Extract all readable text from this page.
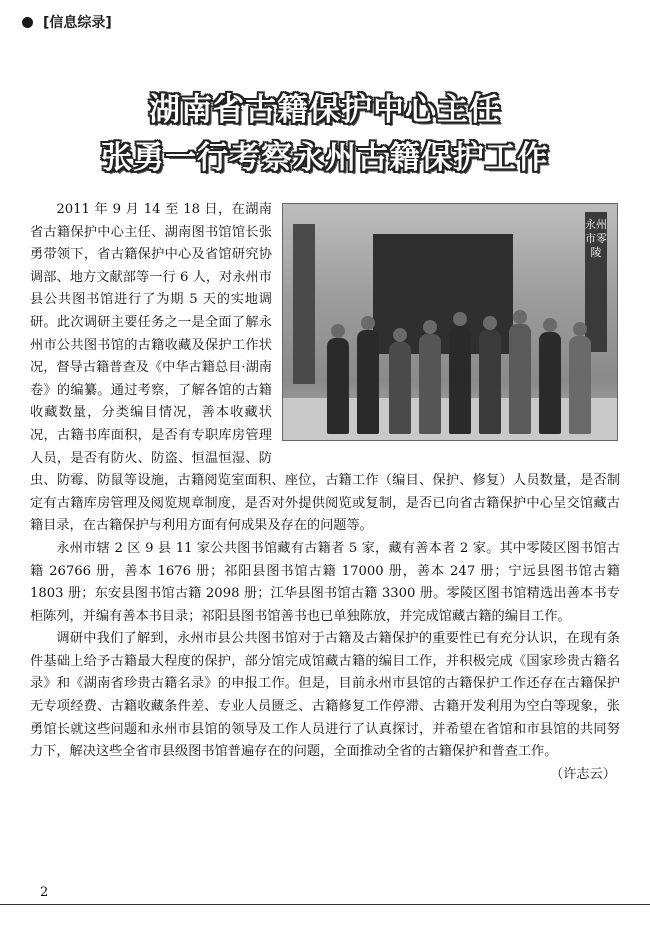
[信息综录]
湖南省古籍保护中心主任
张勇一行考察永州古籍保护工作
永州市零陵

2011 年 9 月 14 至 18 日，在湖南省古籍保护中心主任、湖南图书馆馆长张勇带领下，省古籍保护中心及省馆研究协调部、地方文献部等一行 6 人，对永州市县公共图书馆进行了为期 5 天的实地调研。此次调研主要任务之一是全面了解永州市公共图书馆的古籍收藏及保护工作状况，督导古籍普查及《中华古籍总目·湖南卷》的编纂。通过考察，了解各馆的古籍收藏数量，分类编目情况，善本收藏状况，古籍书库面积，是否有专职库房管理人员，是否有防火、防盗、恒温恒湿、防虫、防霉、防鼠等设施，古籍阅览室面积、座位，古籍工作（编目、保护、修复）人员数量，是否制定有古籍库房管理及阅览规章制度，是否对外提供阅览或复制，是否已向省古籍保护中心呈交馆藏古籍目录，在古籍保护与利用方面有何成果及存在的问题等。

永州市辖 2 区 9 县 11 家公共图书馆藏有古籍者 5 家，藏有善本者 2 家。其中零陵区图书馆古籍 26766 册，善本 1676 册；祁阳县图书馆古籍 17000 册，善本 247 册；宁远县图书馆古籍 1803 册；东安县图书馆古籍 2098 册；江华县图书馆古籍 3300 册。零陵区图书馆精选出善本书专柜陈列，并编有善本书目录；祁阳县图书馆善书也已单独陈放，并完成馆藏古籍的编目工作。

调研中我们了解到，永州市县公共图书馆对于古籍及古籍保护的重要性已有充分认识，在现有条件基础上给予古籍最大程度的保护，部分馆完成馆藏古籍的编目工作，并积极完成《国家珍贵古籍名录》和《湖南省珍贵古籍名录》的申报工作。但是，目前永州市县馆的古籍保护工作还存在古籍保护无专项经费、古籍收藏条件差、专业人员匮乏、古籍修复工作停滞、古籍开发利用为空白等现象，张勇馆长就这些问题和永州市县馆的领导及工作人员进行了认真探讨，并希望在省馆和市县馆的共同努力下，解决这些全省市县级图书馆普遍存在的问题，全面推动全省的古籍保护和普查工作。

（许志云）
2
